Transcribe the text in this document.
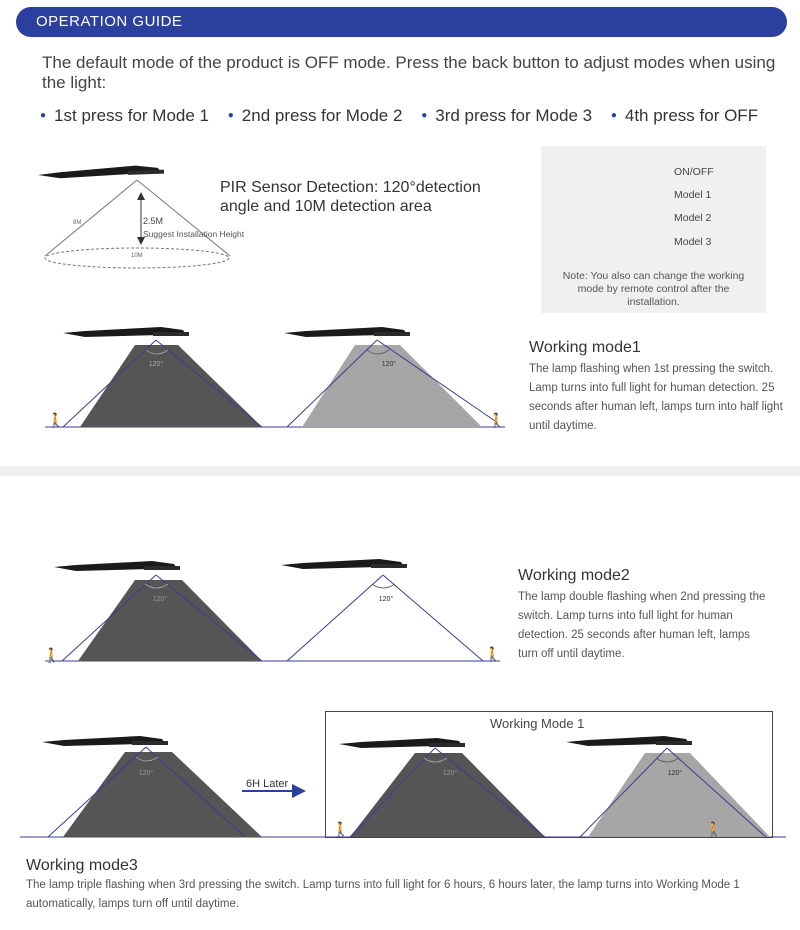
OPERATION GUIDE
The default mode of the product is OFF mode. Press the back button to adjust modes when using the light:
● 1st press for Mode 1 ● 2nd press for Mode 2 ● 3rd press for Mode 3 ● 4th press for OFF
8M	2.5M
Suggest Installation Height
10M
120°	120°
🚶	🚶
120°	120°
🚶	🚶
120°	120°	120°
🚶	🚶
PIR Sensor Detection: 120°detection angle and 10M detection area
ON/OFF
Model 1
Model 2
Model 3
Note: You also can change the working mode by remote control after the installation.
Working mode1
The lamp flashing when 1st pressing the switch. Lamp turns into full light for human detection. 25 seconds after human left, lamps turn into half light until daytime.
Working mode2
The lamp double flashing when 2nd pressing the switch. Lamp turns into full light for human detection. 25 seconds after human left, lamps turn off until daytime.
Working Mode 1
6H Later
Working mode3
The lamp triple flashing when 3rd pressing the switch. Lamp turns into full light for 6 hours, 6 hours later, the lamp turns into Working Mode 1 automatically, lamps turn off until daytime.
